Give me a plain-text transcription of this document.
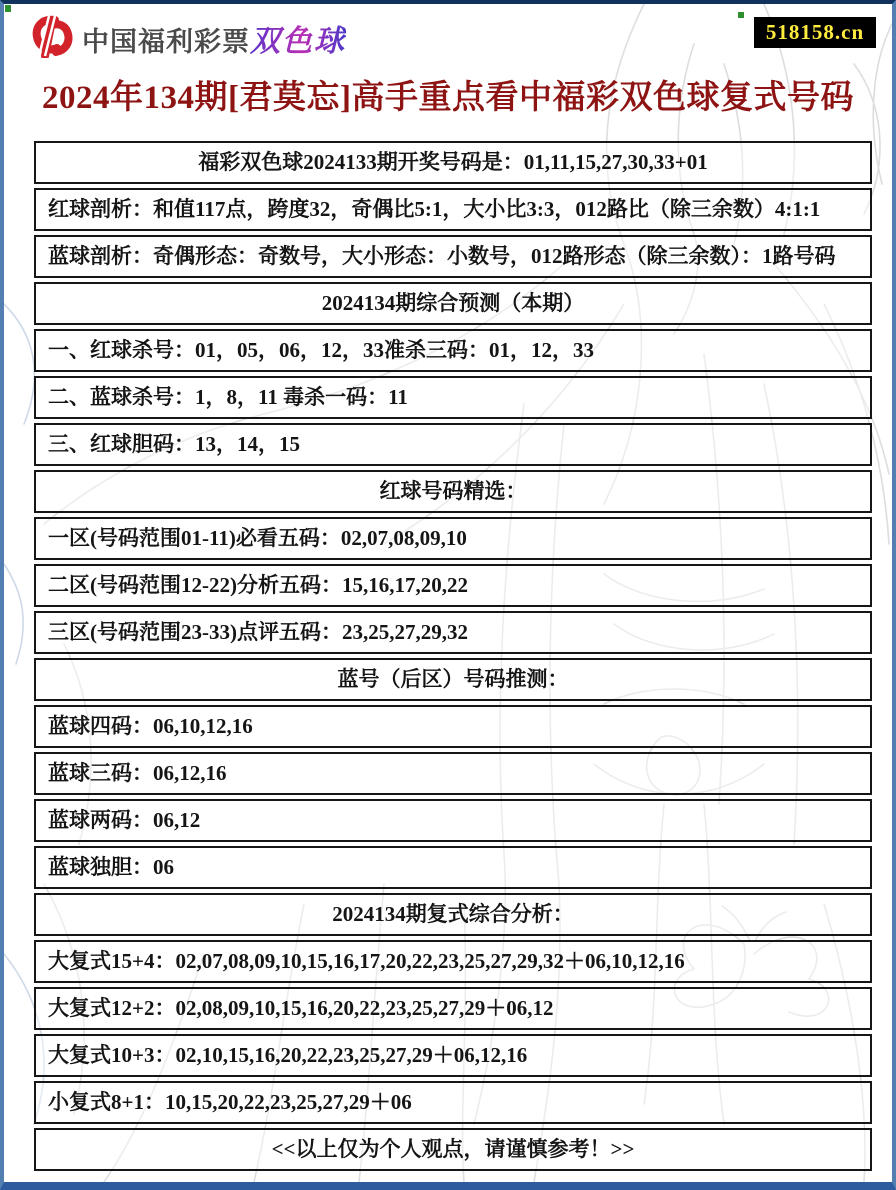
中国福利彩票 双色球	518158.cn
2024年134期[君莫忘]高手重点看中福彩双色球复式号码
福彩双色球2024133期开奖号码是：01,11,15,27,30,33+01
红球剖析：和值117点，跨度32，奇偶比5:1，大小比3:3，012路比（除三余数）4:1:1
蓝球剖析：奇偶形态：奇数号，大小形态：小数号，012路形态（除三余数）：1路号码
2024134期综合预测（本期）
一、红球杀号：01，05，06，12，33准杀三码：01，12，33
二、蓝球杀号：1，8，11 毒杀一码：11
三、红球胆码：13，14，15
红球号码精选：
一区(号码范围01-11)必看五码：02,07,08,09,10
二区(号码范围12-22)分析五码：15,16,17,20,22
三区(号码范围23-33)点评五码：23,25,27,29,32
蓝号（后区）号码推测：
蓝球四码：06,10,12,16
蓝球三码：06,12,16
蓝球两码：06,12
蓝球独胆：06
2024134期复式综合分析：
大复式15+4：02,07,08,09,10,15,16,17,20,22,23,25,27,29,32＋06,10,12,16
大复式12+2：02,08,09,10,15,16,20,22,23,25,27,29＋06,12
大复式10+3：02,10,15,16,20,22,23,25,27,29＋06,12,16
小复式8+1：10,15,20,22,23,25,27,29＋06
<<以上仅为个人观点，请谨慎参考！>>
